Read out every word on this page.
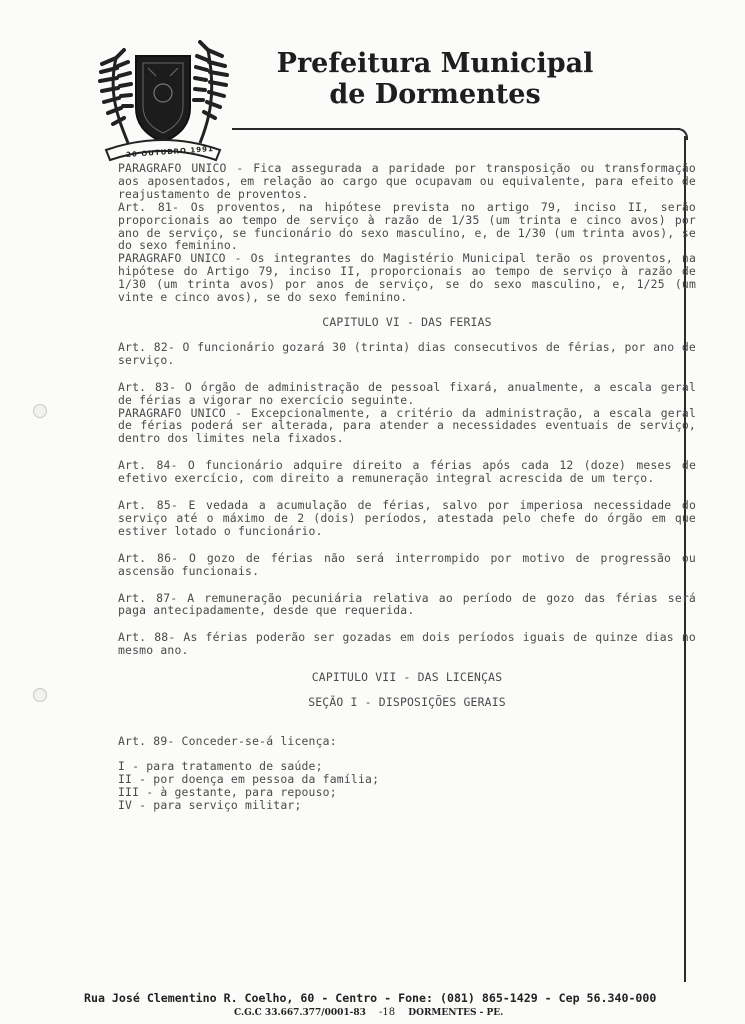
20 OUTUBRO 1991
Prefeitura Municipal
de Dormentes

PARAGRAFO UNICO - Fica assegurada a paridade por transposição ou transformação aos aposentados, em relação ao cargo que ocupavam ou equivalente, para efeito de reajustamento de proventos.

Art. 81- Os proventos, na hipótese prevista no artigo 79, inciso II, serão proporcionais ao tempo de serviço à razão de 1/35 (um trinta e cinco avos) por ano de serviço, se funcionário do sexo masculino, e, de 1/30 (um trinta avos), se do sexo feminino.

PARAGRAFO UNICO - Os integrantes do Magistério Municipal terão os proventos, na hipótese do Artigo 79, inciso II, proporcionais ao tempo de serviço à razão de 1/30 (um trinta avos) por anos de serviço, se do sexo masculino, e, 1/25 (um vinte e cinco avos), se do sexo feminino.

CAPITULO VI - DAS FERIAS

Art. 82- O funcionário gozará 30 (trinta) dias consecutivos de férias, por ano de serviço.

Art. 83- O órgão de administração de pessoal fixará, anualmente, a escala geral de férias a vigorar no exercício seguinte.

PARAGRAFO UNICO - Excepcionalmente, a critério da administração, a escala geral de férias poderá ser alterada, para atender a necessidades eventuais de serviço, dentro dos limites nela fixados.

Art. 84- O funcionário adquire direito a férias após cada 12 (doze) meses de efetivo exercício, com direito a remuneração integral acrescida de um terço.

Art. 85- E vedada a acumulação de férias, salvo por imperiosa necessidade do serviço até o máximo de 2 (dois) períodos, atestada pelo chefe do órgão em que estiver lotado o funcionário.

Art. 86- O gozo de férias não será interrompido por motivo de progressão ou ascensão funcionais.

Art. 87- A remuneração pecuniária relativa ao período de gozo das férias será paga antecipadamente, desde que requerida.

Art. 88- As férias poderão ser gozadas em dois períodos iguais de quinze dias no mesmo ano.

CAPITULO VII - DAS LICENÇAS

SEÇÃO I - DISPOSIÇÕES GERAIS

Art. 89- Conceder-se-á licença:

I - para tratamento de saúde;

II - por doença em pessoa da família;

III - à gestante, para repouso;

IV - para serviço militar;

Rua José Clementino R. Coelho, 60 - Centro - Fone: (081) 865-1429 - Cep 56.340-000
C.G.C 33.667.377/0001-83 -18 DORMENTES - PE.
